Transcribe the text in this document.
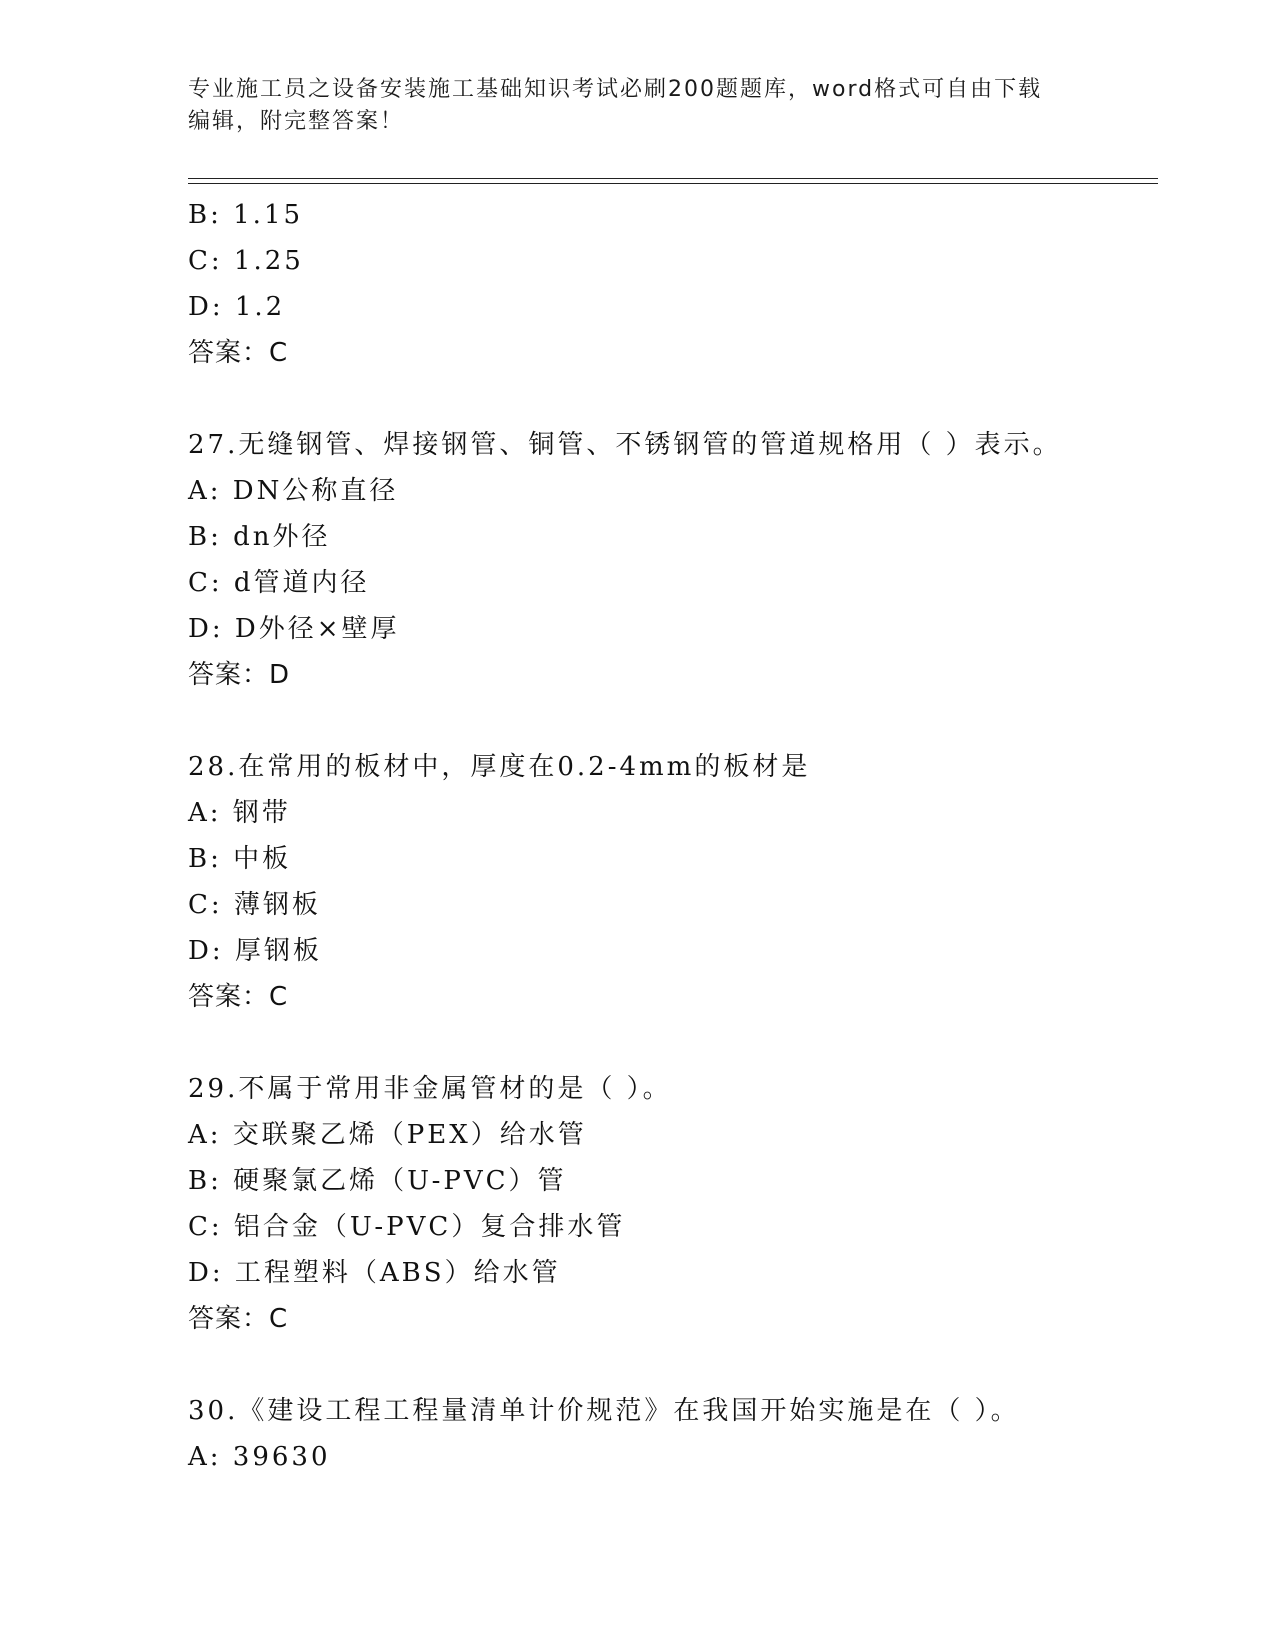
专业施工员之设备安装施工基础知识考试必刷200题题库，word格式可自由下载
编辑，附完整答案！
B: 1.15
C: 1.25
D: 1.2
答案：C
27.无缝钢管、焊接钢管、铜管、不锈钢管的管道规格用（ ）表示。
A: DN公称直径
B: dn外径
C: d管道内径
D: D外径×壁厚
答案：D
28.在常用的板材中，厚度在0.2-4mm的板材是
A: 钢带
B: 中板
C: 薄钢板
D: 厚钢板
答案：C
29.不属于常用非金属管材的是（ ）。
A: 交联聚乙烯（PEX）给水管
B: 硬聚氯乙烯（U-PVC）管
C: 铝合金（U-PVC）复合排水管
D: 工程塑料（ABS）给水管
答案：C
30.《建设工程工程量清单计价规范》在我国开始实施是在（ ）。
A: 39630
